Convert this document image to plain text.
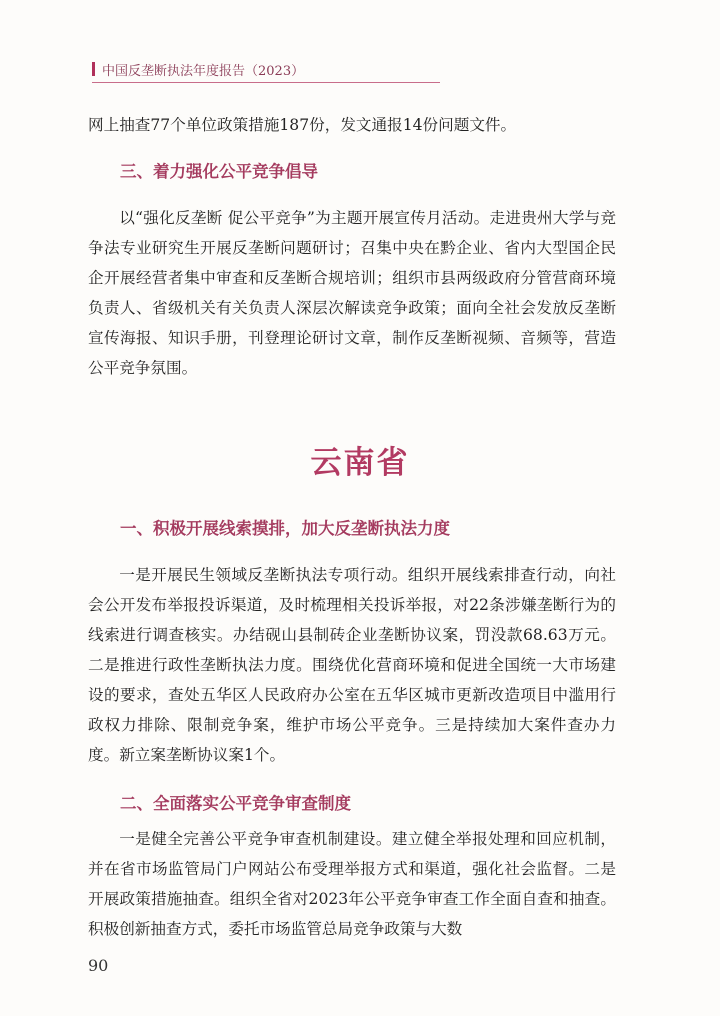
中国反垄断执法年度报告（2023）

网上抽查77个单位政策措施187份，发文通报14份问题文件。

三、着力强化公平竞争倡导

以“强化反垄断 促公平竞争”为主题开展宣传月活动。走进贵州大学与竞争法专业研究生开展反垄断问题研讨；召集中央在黔企业、省内大型国企民企开展经营者集中审查和反垄断合规培训；组织市县两级政府分管营商环境负责人、省级机关有关负责人深层次解读竞争政策；面向全社会发放反垄断宣传海报、知识手册，刊登理论研讨文章，制作反垄断视频、音频等，营造公平竞争氛围。

云南省
一、积极开展线索摸排，加大反垄断执法力度

一是开展民生领域反垄断执法专项行动。组织开展线索排查行动，向社会公开发布举报投诉渠道，及时梳理相关投诉举报，对22条涉嫌垄断行为的线索进行调查核实。办结砚山县制砖企业垄断协议案，罚没款68.63万元。二是推进行政性垄断执法力度。围绕优化营商环境和促进全国统一大市场建设的要求，查处五华区人民政府办公室在五华区城市更新改造项目中滥用行政权力排除、限制竞争案，维护市场公平竞争。三是持续加大案件查办力度。新立案垄断协议案1个。

二、全面落实公平竞争审查制度

一是健全完善公平竞争审查机制建设。建立健全举报处理和回应机制，并在省市场监管局门户网站公布受理举报方式和渠道，强化社会监督。二是开展政策措施抽查。组织全省对2023年公平竞争审查工作全面自查和抽查。积极创新抽查方式，委托市场监管总局竞争政策与大数

90
